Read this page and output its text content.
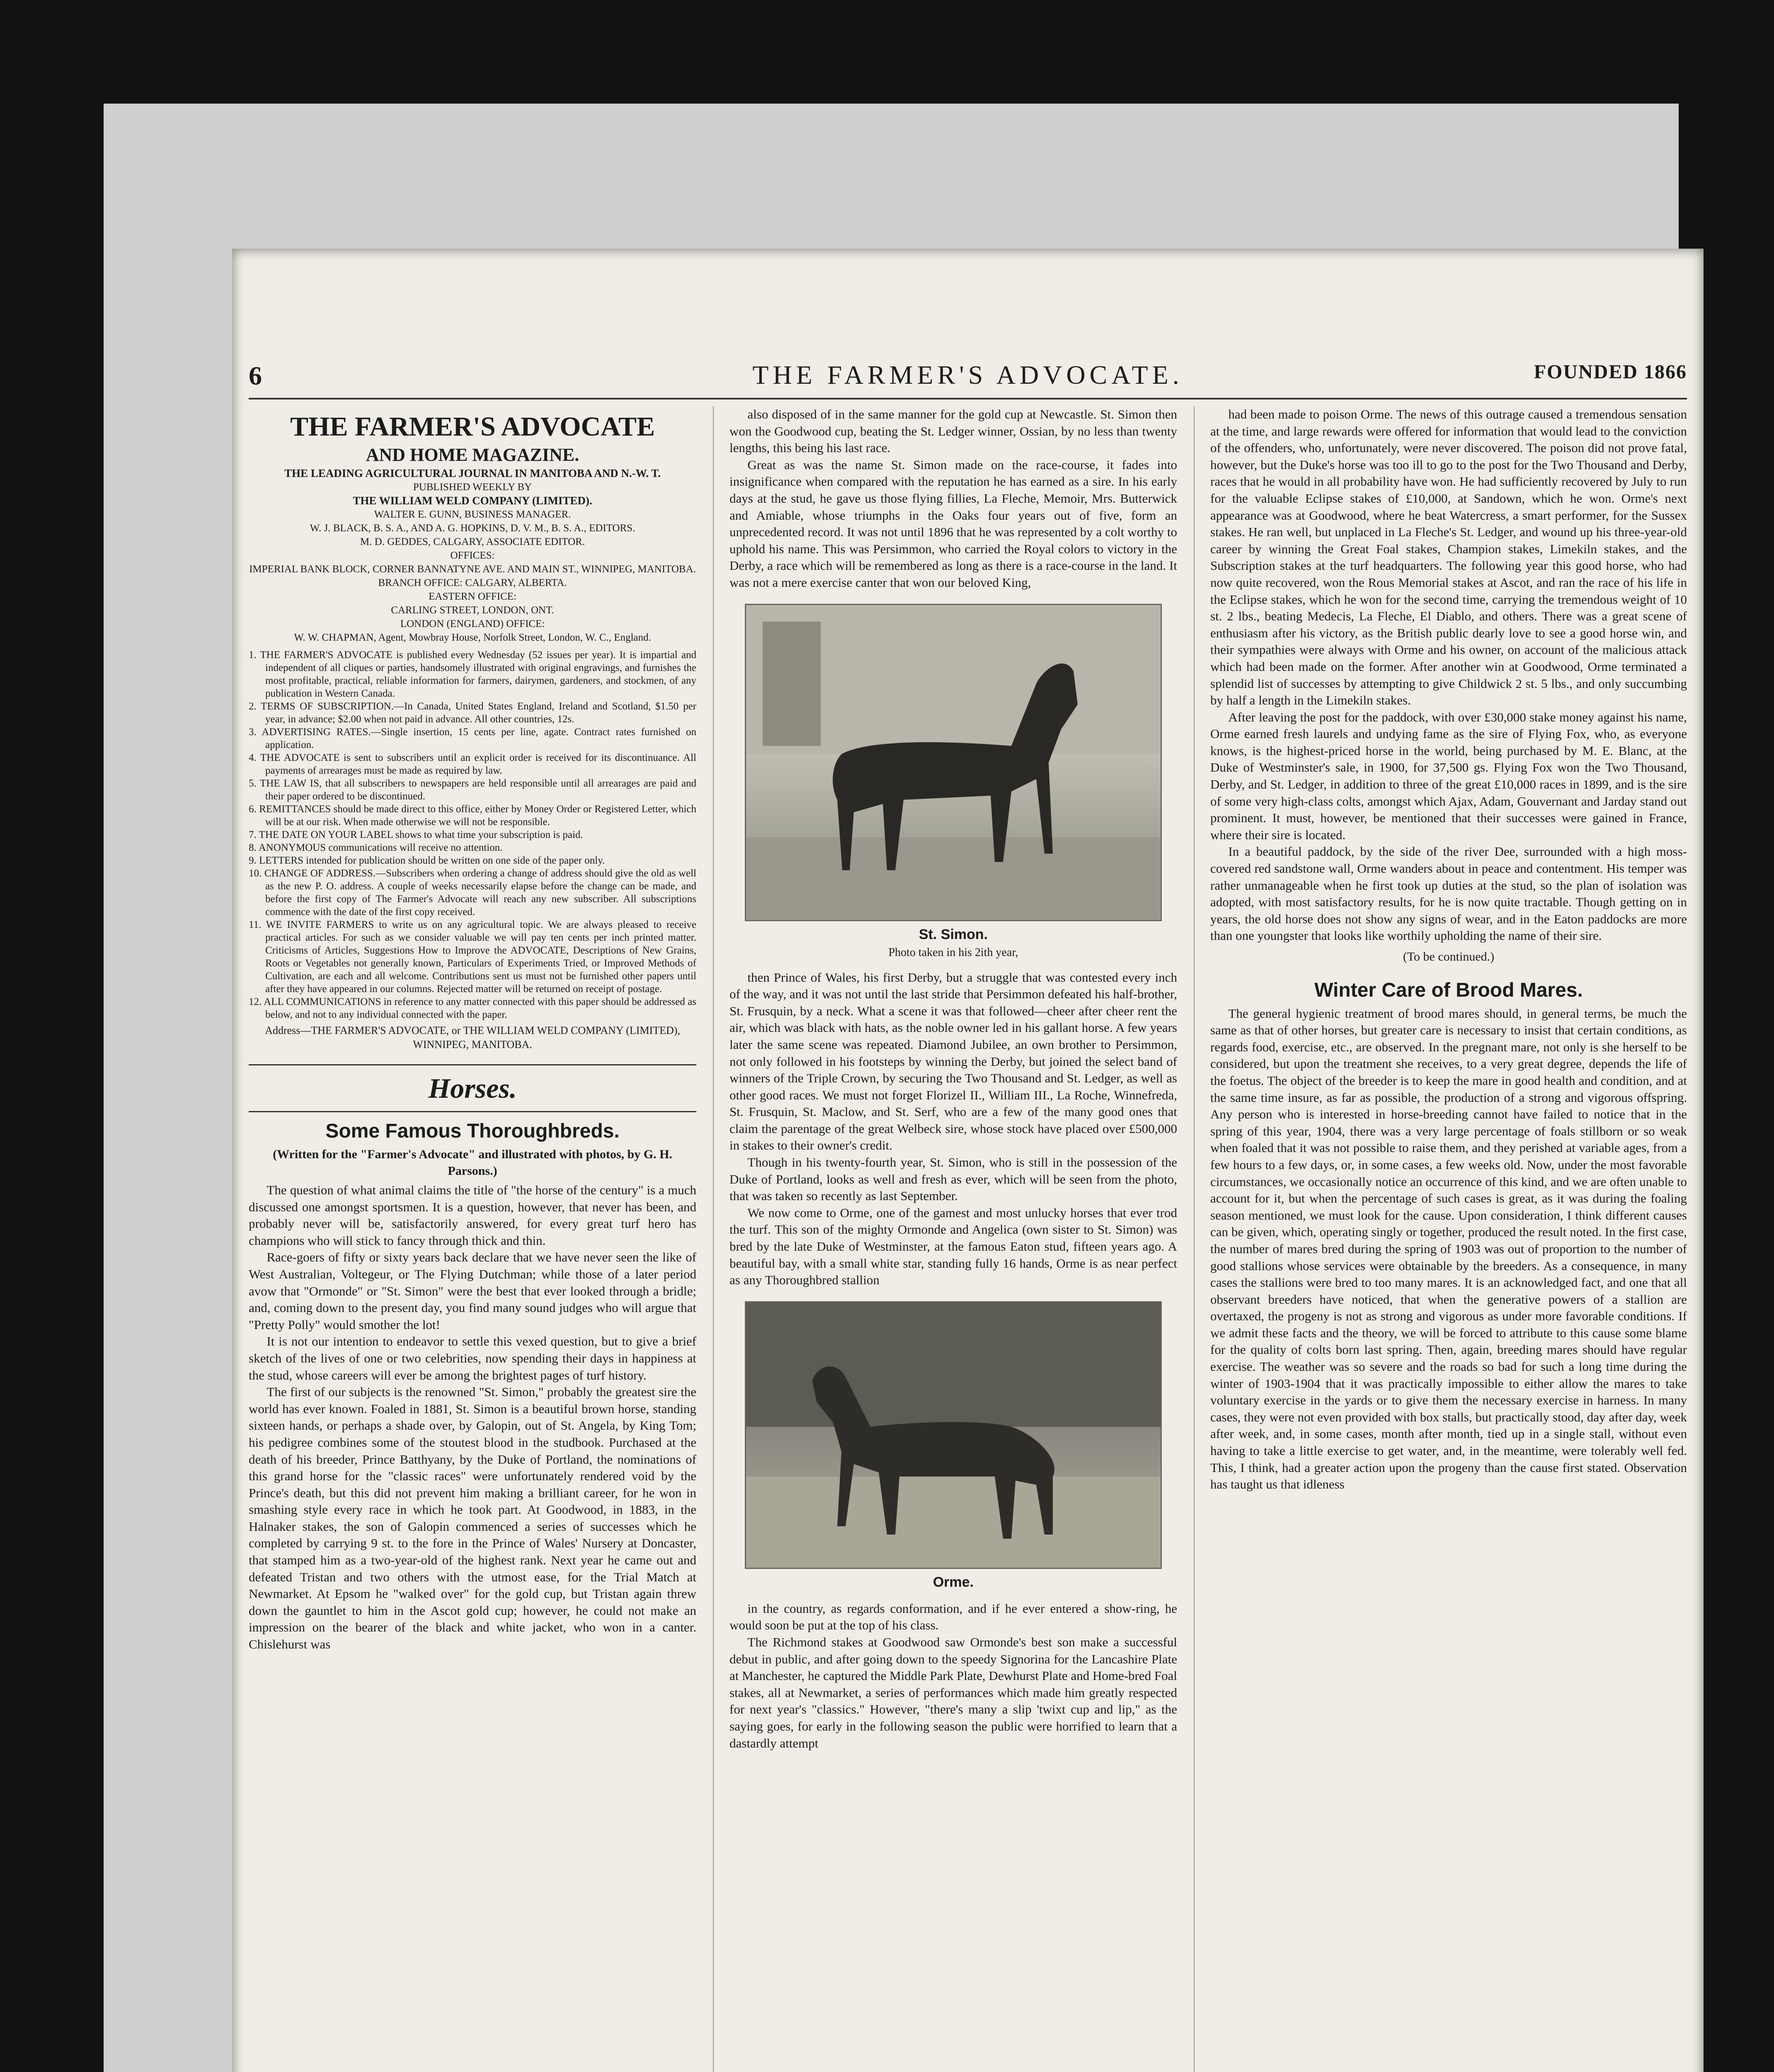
6	THE FARMER'S ADVOCATE.	FOUNDED 1866
THE FARMER'S ADVOCATE
AND HOME MAGAZINE.
THE LEADING AGRICULTURAL JOURNAL IN MANITOBA AND N.-W. T.
PUBLISHED WEEKLY BY
THE WILLIAM WELD COMPANY (LIMITED).
WALTER E. GUNN, BUSINESS MANAGER.
W. J. BLACK, B. S. A., AND A. G. HOPKINS, D. V. M., B. S. A., EDITORS.
M. D. GEDDES, CALGARY, ASSOCIATE EDITOR.
OFFICES:
IMPERIAL BANK BLOCK, CORNER BANNATYNE AVE. AND MAIN ST., WINNIPEG, MANITOBA.
BRANCH OFFICE: CALGARY, ALBERTA.
EASTERN OFFICE:
CARLING STREET, LONDON, ONT.
LONDON (ENGLAND) OFFICE:
W. W. CHAPMAN, Agent, Mowbray House, Norfolk Street, London, W. C., England.

1. THE FARMER'S ADVOCATE is published every Wednesday (52 issues per year). It is impartial and independent of all cliques or parties, handsomely illustrated with original engravings, and furnishes the most profitable, practical, reliable information for farmers, dairymen, gardeners, and stockmen, of any publication in Western Canada.

2. TERMS OF SUBSCRIPTION.—In Canada, United States England, Ireland and Scotland, $1.50 per year, in advance; $2.00 when not paid in advance. All other countries, 12s.

3. ADVERTISING RATES.—Single insertion, 15 cents per line, agate. Contract rates furnished on application.

4. THE ADVOCATE is sent to subscribers until an explicit order is received for its discontinuance. All payments of arrearages must be made as required by law.

5. THE LAW IS, that all subscribers to newspapers are held responsible until all arrearages are paid and their paper ordered to be discontinued.

6. REMITTANCES should be made direct to this office, either by Money Order or Registered Letter, which will be at our risk. When made otherwise we will not be responsible.

7. THE DATE ON YOUR LABEL shows to what time your subscription is paid.

8. ANONYMOUS communications will receive no attention.

9. LETTERS intended for publication should be written on one side of the paper only.

10. CHANGE OF ADDRESS.—Subscribers when ordering a change of address should give the old as well as the new P. O. address. A couple of weeks necessarily elapse before the change can be made, and before the first copy of The Farmer's Advocate will reach any new subscriber. All subscriptions commence with the date of the first copy received.

11. WE INVITE FARMERS to write us on any agricultural topic. We are always pleased to receive practical articles. For such as we consider valuable we will pay ten cents per inch printed matter. Criticisms of Articles, Suggestions How to Improve the ADVOCATE, Descriptions of New Grains, Roots or Vegetables not generally known, Particulars of Experiments Tried, or Improved Methods of Cultivation, are each and all welcome. Contributions sent us must not be furnished other papers until after they have appeared in our columns. Rejected matter will be returned on receipt of postage.

12. ALL COMMUNICATIONS in reference to any matter connected with this paper should be addressed as below, and not to any individual connected with the paper.

Address—THE FARMER'S ADVOCATE, or THE WILLIAM WELD COMPANY (LIMITED), WINNIPEG, MANITOBA.
Horses.
Some Famous Thoroughbreds.
(Written for the "Farmer's Advocate" and illustrated with photos, by G. H. Parsons.)

The question of what animal claims the title of "the horse of the century" is a much discussed one amongst sportsmen. It is a question, however, that never has been, and probably never will be, satisfactorily answered, for every great turf hero has champions who will stick to fancy through thick and thin.

Race-goers of fifty or sixty years back declare that we have never seen the like of West Australian, Voltegeur, or The Flying Dutchman; while those of a later period avow that "Ormonde" or "St. Simon" were the best that ever looked through a bridle; and, coming down to the present day, you find many sound judges who will argue that "Pretty Polly" would smother the lot!

It is not our intention to endeavor to settle this vexed question, but to give a brief sketch of the lives of one or two celebrities, now spending their days in happiness at the stud, whose careers will ever be among the brightest pages of turf history.

The first of our subjects is the renowned "St. Simon," probably the greatest sire the world has ever known. Foaled in 1881, St. Simon is a beautiful brown horse, standing sixteen hands, or perhaps a shade over, by Galopin, out of St. Angela, by King Tom; his pedigree combines some of the stoutest blood in the studbook. Purchased at the death of his breeder, Prince Batthyany, by the Duke of Portland, the nominations of this grand horse for the "classic races" were unfortunately rendered void by the Prince's death, but this did not prevent him making a brilliant career, for he won in smashing style every race in which he took part. At Goodwood, in 1883, in the Halnaker stakes, the son of Galopin commenced a series of successes which he completed by carrying 9 st. to the fore in the Prince of Wales' Nursery at Doncaster, that stamped him as a two-year-old of the highest rank. Next year he came out and defeated Tristan and two others with the utmost ease, for the Trial Match at Newmarket. At Epsom he "walked over" for the gold cup, but Tristan again threw down the gauntlet to him in the Ascot gold cup; however, he could not make an impression on the bearer of the black and white jacket, who won in a canter. Chislehurst was

also disposed of in the same manner for the gold cup at Newcastle. St. Simon then won the Goodwood cup, beating the St. Ledger winner, Ossian, by no less than twenty lengths, this being his last race.

Great as was the name St. Simon made on the race-course, it fades into insignificance when compared with the reputation he has earned as a sire. In his early days at the stud, he gave us those flying fillies, La Fleche, Memoir, Mrs. Butterwick and Amiable, whose triumphs in the Oaks four years out of five, form an unprecedented record. It was not until 1896 that he was represented by a colt worthy to uphold his name. This was Persimmon, who carried the Royal colors to victory in the Derby, a race which will be remembered as long as there is a race-course in the land. It was not a mere exercise canter that won our beloved King,

St. Simon.
Photo taken in his 2ith year,

then Prince of Wales, his first Derby, but a struggle that was contested every inch of the way, and it was not until the last stride that Persimmon defeated his half-brother, St. Frusquin, by a neck. What a scene it was that followed—cheer after cheer rent the air, which was black with hats, as the noble owner led in his gallant horse. A few years later the same scene was repeated. Diamond Jubilee, an own brother to Persimmon, not only followed in his footsteps by winning the Derby, but joined the select band of winners of the Triple Crown, by securing the Two Thousand and St. Ledger, as well as other good races. We must not forget Florizel II., William III., La Roche, Winnefreda, St. Frusquin, St. Maclow, and St. Serf, who are a few of the many good ones that claim the parentage of the great Welbeck sire, whose stock have placed over £500,000 in stakes to their owner's credit.

Though in his twenty-fourth year, St. Simon, who is still in the possession of the Duke of Portland, looks as well and fresh as ever, which will be seen from the photo, that was taken so recently as last September.

We now come to Orme, one of the gamest and most unlucky horses that ever trod the turf. This son of the mighty Ormonde and Angelica (own sister to St. Simon) was bred by the late Duke of Westminster, at the famous Eaton stud, fifteen years ago. A beautiful bay, with a small white star, standing fully 16 hands, Orme is as near perfect as any Thoroughbred stallion

Orme.

in the country, as regards conformation, and if he ever entered a show-ring, he would soon be put at the top of his class.

The Richmond stakes at Goodwood saw Ormonde's best son make a successful debut in public, and after going down to the speedy Signorina for the Lancashire Plate at Manchester, he captured the Middle Park Plate, Dewhurst Plate and Home-bred Foal stakes, all at Newmarket, a series of performances which made him greatly respected for next year's "classics." However, "there's many a slip 'twixt cup and lip," as the saying goes, for early in the following season the public were horrified to learn that a dastardly attempt

had been made to poison Orme. The news of this outrage caused a tremendous sensation at the time, and large rewards were offered for information that would lead to the conviction of the offenders, who, unfortunately, were never discovered. The poison did not prove fatal, however, but the Duke's horse was too ill to go to the post for the Two Thousand and Derby, races that he would in all probability have won. He had sufficiently recovered by July to run for the valuable Eclipse stakes of £10,000, at Sandown, which he won. Orme's next appearance was at Goodwood, where he beat Watercress, a smart performer, for the Sussex stakes. He ran well, but unplaced in La Fleche's St. Ledger, and wound up his three-year-old career by winning the Great Foal stakes, Champion stakes, Limekiln stakes, and the Subscription stakes at the turf headquarters. The following year this good horse, who had now quite recovered, won the Rous Memorial stakes at Ascot, and ran the race of his life in the Eclipse stakes, which he won for the second time, carrying the tremendous weight of 10 st. 2 lbs., beating Medecis, La Fleche, El Diablo, and others. There was a great scene of enthusiasm after his victory, as the British public dearly love to see a good horse win, and their sympathies were always with Orme and his owner, on account of the malicious attack which had been made on the former. After another win at Goodwood, Orme terminated a splendid list of successes by attempting to give Childwick 2 st. 5 lbs., and only succumbing by half a length in the Limekiln stakes.

After leaving the post for the paddock, with over £30,000 stake money against his name, Orme earned fresh laurels and undying fame as the sire of Flying Fox, who, as everyone knows, is the highest-priced horse in the world, being purchased by M. E. Blanc, at the Duke of Westminster's sale, in 1900, for 37,500 gs. Flying Fox won the Two Thousand, Derby, and St. Ledger, in addition to three of the great £10,000 races in 1899, and is the sire of some very high-class colts, amongst which Ajax, Adam, Gouvernant and Jarday stand out prominent. It must, however, be mentioned that their successes were gained in France, where their sire is located.

In a beautiful paddock, by the side of the river Dee, surrounded with a high moss-covered red sandstone wall, Orme wanders about in peace and contentment. His temper was rather unmanageable when he first took up duties at the stud, so the plan of isolation was adopted, with most satisfactory results, for he is now quite tractable. Though getting on in years, the old horse does not show any signs of wear, and in the Eaton paddocks are more than one youngster that looks like worthily upholding the name of their sire.

(To be continued.)
Winter Care of Brood Mares.

The general hygienic treatment of brood mares should, in general terms, be much the same as that of other horses, but greater care is necessary to insist that certain conditions, as regards food, exercise, etc., are observed. In the pregnant mare, not only is she herself to be considered, but upon the treatment she receives, to a very great degree, depends the life of the foetus. The object of the breeder is to keep the mare in good health and condition, and at the same time insure, as far as possible, the production of a strong and vigorous offspring. Any person who is interested in horse-breeding cannot have failed to notice that in the spring of this year, 1904, there was a very large percentage of foals stillborn or so weak when foaled that it was not possible to raise them, and they perished at variable ages, from a few hours to a few days, or, in some cases, a few weeks old. Now, under the most favorable circumstances, we occasionally notice an occurrence of this kind, and we are often unable to account for it, but when the percentage of such cases is great, as it was during the foaling season mentioned, we must look for the cause. Upon consideration, I think different causes can be given, which, operating singly or together, produced the result noted. In the first case, the number of mares bred during the spring of 1903 was out of proportion to the number of good stallions whose services were obtainable by the breeders. As a consequence, in many cases the stallions were bred to too many mares. It is an acknowledged fact, and one that all observant breeders have noticed, that when the generative powers of a stallion are overtaxed, the progeny is not as strong and vigorous as under more favorable conditions. If we admit these facts and the theory, we will be forced to attribute to this cause some blame for the quality of colts born last spring. Then, again, breeding mares should have regular exercise. The weather was so severe and the roads so bad for such a long time during the winter of 1903-1904 that it was practically impossible to either allow the mares to take voluntary exercise in the yards or to give them the necessary exercise in harness. In many cases, they were not even provided with box stalls, but practically stood, day after day, week after week, and, in some cases, month after month, tied up in a single stall, without even having to take a little exercise to get water, and, in the meantime, were tolerably well fed. This, I think, had a greater action upon the progeny than the cause first stated. Observation has taught us that idleness
